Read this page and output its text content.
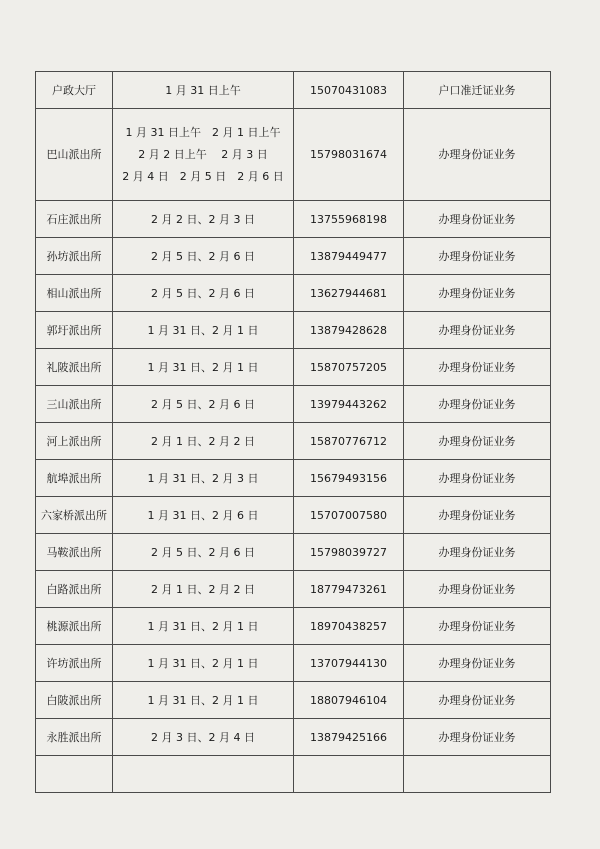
户政大厅	1 月 31 日上午	15070431083	户口准迁证业务
巴山派出所	1 月 31 日上午　2 月 1 日上午
2 月 2 日上午　 2 月 3 日
2 月 4 日　2 月 5 日　2 月 6 日	15798031674	办理身份证业务
石庄派出所	2 月 2 日、2 月 3 日	13755968198	办理身份证业务
孙坊派出所	2 月 5 日、2 月 6 日	13879449477	办理身份证业务
相山派出所	2 月 5 日、2 月 6 日	13627944681	办理身份证业务
郭圩派出所	1 月 31 日、2 月 1 日	13879428628	办理身份证业务
礼陂派出所	1 月 31 日、2 月 1 日	15870757205	办理身份证业务
三山派出所	2 月 5 日、2 月 6 日	13979443262	办理身份证业务
河上派出所	2 月 1 日、2 月 2 日	15870776712	办理身份证业务
航埠派出所	1 月 31 日、2 月 3 日	15679493156	办理身份证业务
六家桥派出所	1 月 31 日、2 月 6 日	15707007580	办理身份证业务
马鞍派出所	2 月 5 日、2 月 6 日	15798039727	办理身份证业务
白路派出所	2 月 1 日、2 月 2 日	18779473261	办理身份证业务
桃源派出所	1 月 31 日、2 月 1 日	18970438257	办理身份证业务
许坊派出所	1 月 31 日、2 月 1 日	13707944130	办理身份证业务
白陂派出所	1 月 31 日、2 月 1 日	18807946104	办理身份证业务
永胜派出所	2 月 3 日、2 月 4 日	13879425166	办理身份证业务
